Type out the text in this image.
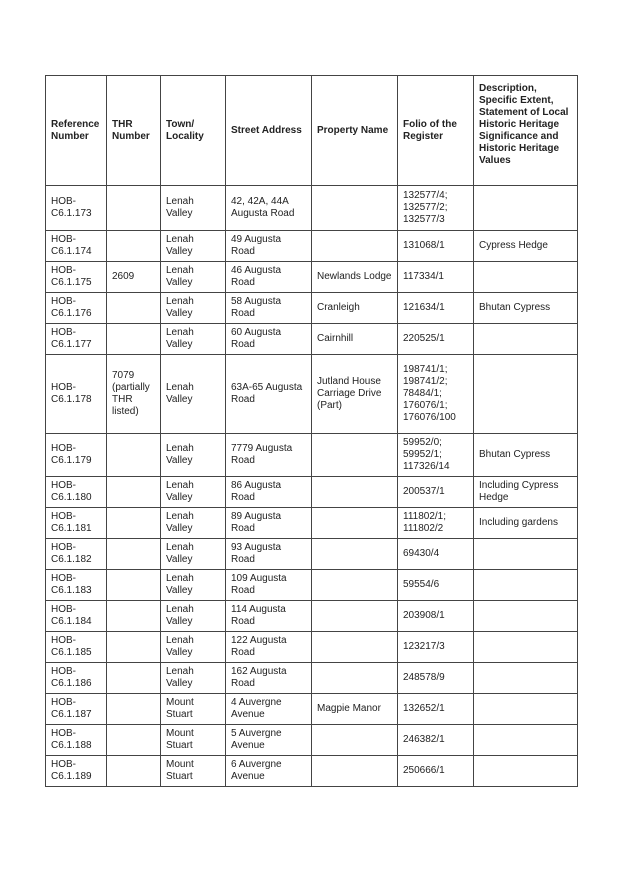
Reference Number	THR Number	Town/ Locality	Street Address	Property Name	Folio of the Register	Description, Specific Extent, Statement of Local Historic Heritage Significance and Historic Heritage Values
HOB-C6.1.173		Lenah Valley	42, 42A, 44A Augusta Road		132577/4; 132577/2; 132577/3	
HOB-C6.1.174		Lenah Valley	49 Augusta Road		131068/1	Cypress Hedge
HOB-C6.1.175	2609	Lenah Valley	46 Augusta Road	Newlands Lodge	117334/1	
HOB-C6.1.176		Lenah Valley	58 Augusta Road	Cranleigh	121634/1	Bhutan Cypress
HOB-C6.1.177		Lenah Valley	60 Augusta Road	Cairnhill	220525/1	
HOB-C6.1.178	7079 (partially THR listed)	Lenah Valley	63A-65 Augusta Road	Jutland House Carriage Drive (Part)	198741/1; 198741/2; 78484/1; 176076/1; 176076/100	
HOB-C6.1.179		Lenah Valley	7779 Augusta Road		59952/0; 59952/1; 117326/14	Bhutan Cypress
HOB-C6.1.180		Lenah Valley	86 Augusta Road		200537/1	Including Cypress Hedge
HOB-C6.1.181		Lenah Valley	89 Augusta Road		111802/1; 111802/2	Including gardens
HOB-C6.1.182		Lenah Valley	93 Augusta Road		69430/4	
HOB-C6.1.183		Lenah Valley	109 Augusta Road		59554/6	
HOB-C6.1.184		Lenah Valley	114 Augusta Road		203908/1	
HOB-C6.1.185		Lenah Valley	122 Augusta Road		123217/3	
HOB-C6.1.186		Lenah Valley	162 Augusta Road		248578/9	
HOB-C6.1.187		Mount Stuart	4 Auvergne Avenue	Magpie Manor	132652/1	
HOB-C6.1.188		Mount Stuart	5 Auvergne Avenue		246382/1	
HOB-C6.1.189		Mount Stuart	6 Auvergne Avenue		250666/1	
